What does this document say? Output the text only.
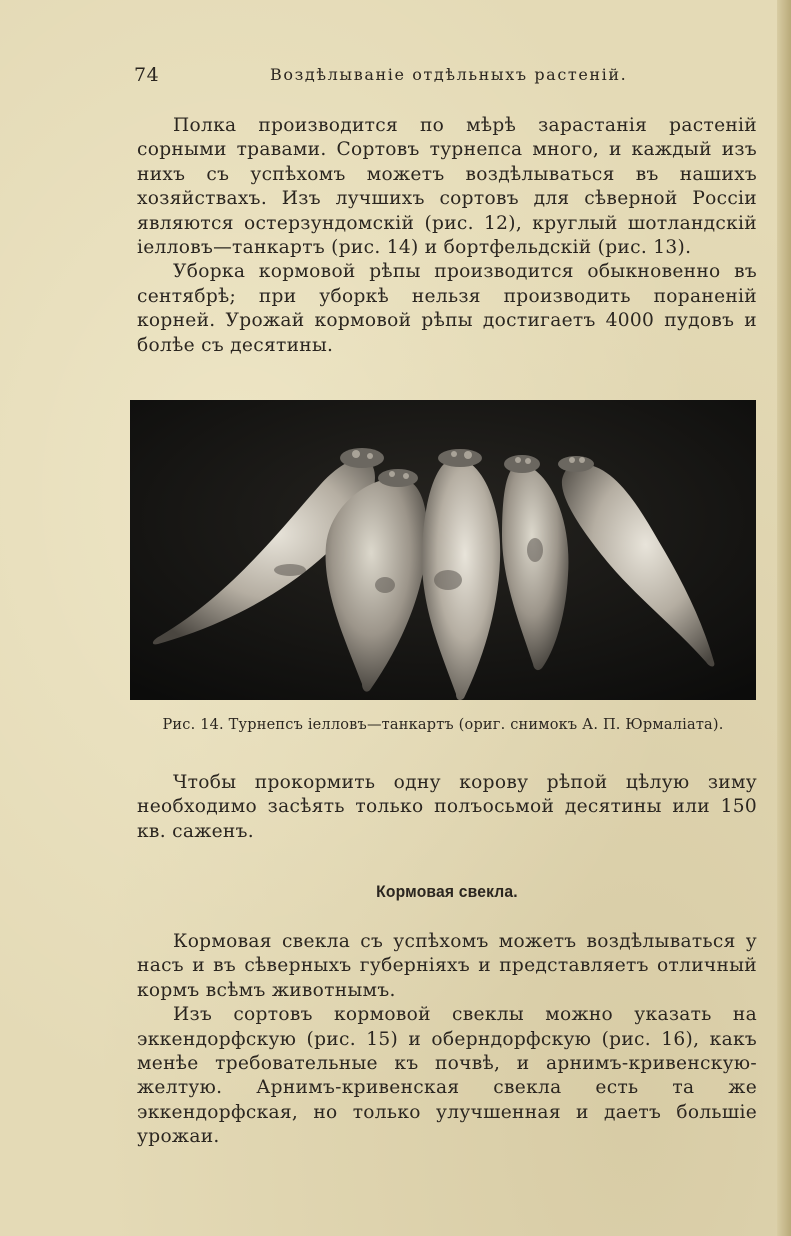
74	Воздѣлываніе отдѣльныхъ растеній.

Полка производится по мѣрѣ зарастанія растеній сорными травами. Сортовъ турнепса много, и каждый изъ нихъ съ успѣхомъ можетъ воздѣлываться въ нашихъ хозяйствахъ. Изъ лучшихъ сортовъ для сѣверной Россіи являются остерзундомскій (рис. 12), круглый шотландскій іелловъ—танкартъ (рис. 14) и бортфельдскій (рис. 13).

Уборка кормовой рѣпы производится обыкновенно въ сентябрѣ; при уборкѣ нельзя производить пораненій корней. Урожай кормовой рѣпы достигаетъ 4000 пудовъ и болѣе съ десятины.

Рис. 14. Турнепсъ іелловъ—танкартъ (ориг. снимокъ А. П. Юрмаліата).

Чтобы прокормить одну корову рѣпой цѣлую зиму необходимо засѣять только полъосьмой десятины или 150 кв. саженъ.

Кормовая свекла.

Кормовая свекла съ успѣхомъ можетъ воздѣлываться у насъ и въ сѣверныхъ губерніяхъ и представляетъ отличный кормъ всѣмъ животнымъ.

Изъ сортовъ кормовой свеклы можно указать на эккендорфскую (рис. 15) и оберндорфскую (рис. 16), какъ менѣе требовательные къ почвѣ, и арнимъ-кривенскую-желтую. Арнимъ-кривенская свекла есть та же эккендорфская, но только улучшенная и даетъ большіе урожаи.
